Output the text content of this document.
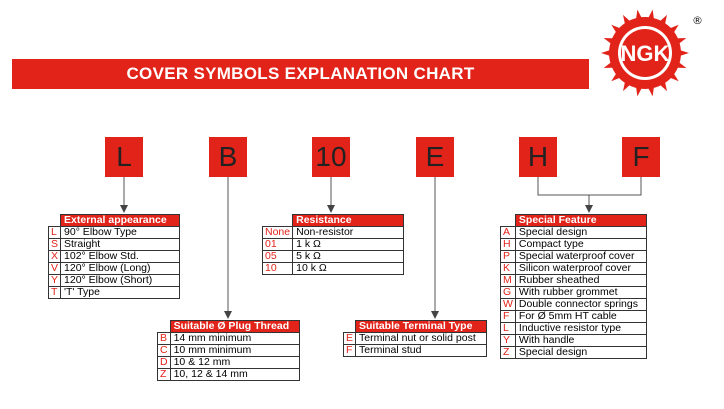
COVER SYMBOLS EXPLANATION CHART
NGK
®
L	B	10	E	H	F
	External appearance
L	90° Elbow Type
S	Straight
X	102° Elbow Std.
V	120° Elbow (Long)
Y	120° Elbow (Short)
T	'T' Type
	Resistance
None	Non-resistor
01	1 k Ω
05	5 k Ω
10	10 k Ω
	Special Feature
A	Special design
H	Compact type
P	Special waterproof cover
K	Silicon waterproof cover
M	Rubber sheathed
G	With rubber grommet
W	Double connector springs
F	For Ø 5mm HT cable
L	Inductive resistor type
Y	With handle
Z	Special design
	Suitable Ø Plug Thread
B	14 mm minimum
C	10 mm minimum
D	10 & 12 mm
Z	10, 12 & 14 mm
	Suitable Terminal Type
E	Terminal nut or solid post
F	Terminal stud
